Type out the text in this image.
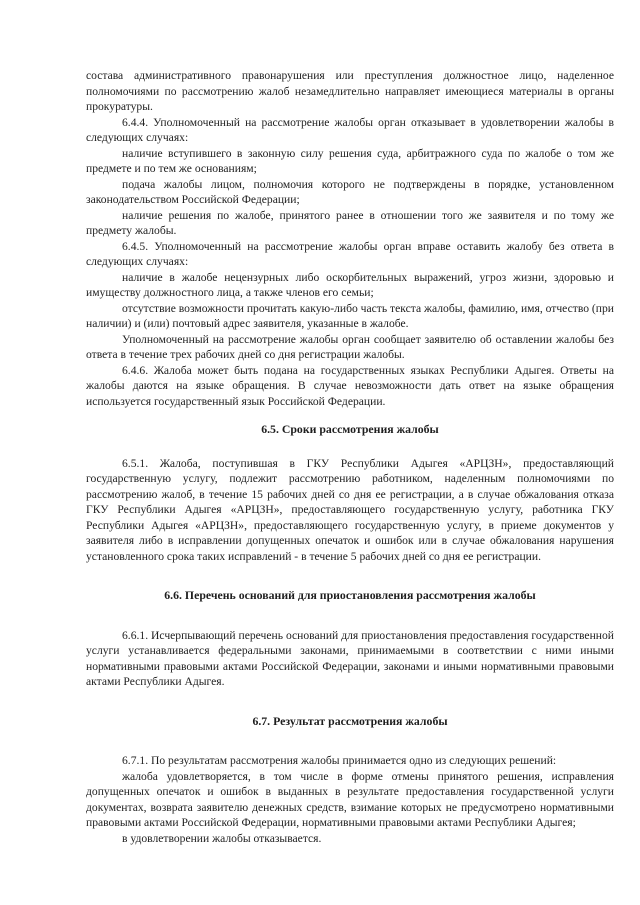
состава административного правонарушения или преступления должностное лицо, наделенное полномочиями по рассмотрению жалоб незамедлительно направляет имеющиеся материалы в органы прокуратуры.

6.4.4. Уполномоченный на рассмотрение жалобы орган отказывает в удовлетворении жалобы в следующих случаях:

наличие вступившего в законную силу решения суда, арбитражного суда по жалобе о том же предмете и по тем же основаниям;

подача жалобы лицом, полномочия которого не подтверждены в порядке, установленном законодательством Российской Федерации;

наличие решения по жалобе, принятого ранее в отношении того же заявителя и по тому же предмету жалобы.

6.4.5. Уполномоченный на рассмотрение жалобы орган вправе оставить жалобу без ответа в следующих случаях:

наличие в жалобе нецензурных либо оскорбительных выражений, угроз жизни, здоровью и имуществу должностного лица, а также членов его семьи;

отсутствие возможности прочитать какую-либо часть текста жалобы, фамилию, имя, отчество (при наличии) и (или) почтовый адрес заявителя, указанные в жалобе.

Уполномоченный на рассмотрение жалобы орган сообщает заявителю об оставлении жалобы без ответа в течение трех рабочих дней со дня регистрации жалобы.

6.4.6. Жалоба может быть подана на государственных языках Республики Адыгея. Ответы на жалобы даются на языке обращения. В случае невозможности дать ответ на языке обращения используется государственный язык Российской Федерации.

6.5. Сроки рассмотрения жалобы

6.5.1. Жалоба, поступившая в ГКУ Республики Адыгея «АРЦЗН», предоставляющий государственную услугу, подлежит рассмотрению работником, наделенным полномочиями по рассмотрению жалоб, в течение 15 рабочих дней со дня ее регистрации, а в случае обжалования отказа ГКУ Республики Адыгея «АРЦЗН», предоставляющего государственную услугу, работника ГКУ Республики Адыгея «АРЦЗН», предоставляющего государственную услугу, в приеме документов у заявителя либо в исправлении допущенных опечаток и ошибок или в случае обжалования нарушения установленного срока таких исправлений - в течение 5 рабочих дней со дня ее регистрации.

6.6. Перечень оснований для приостановления рассмотрения жалобы

6.6.1. Исчерпывающий перечень оснований для приостановления предоставления государственной услуги устанавливается федеральными законами, принимаемыми в соответствии с ними иными нормативными правовыми актами Российской Федерации, законами и иными нормативными правовыми актами Республики Адыгея.

6.7. Результат рассмотрения жалобы

6.7.1. По результатам рассмотрения жалобы принимается одно из следующих решений:

жалоба удовлетворяется, в том числе в форме отмены принятого решения, исправления допущенных опечаток и ошибок в выданных в результате предоставления государственной услуги документах, возврата заявителю денежных средств, взимание которых не предусмотрено нормативными правовыми актами Российской Федерации, нормативными правовыми актами Республики Адыгея;

в удовлетворении жалобы отказывается.
